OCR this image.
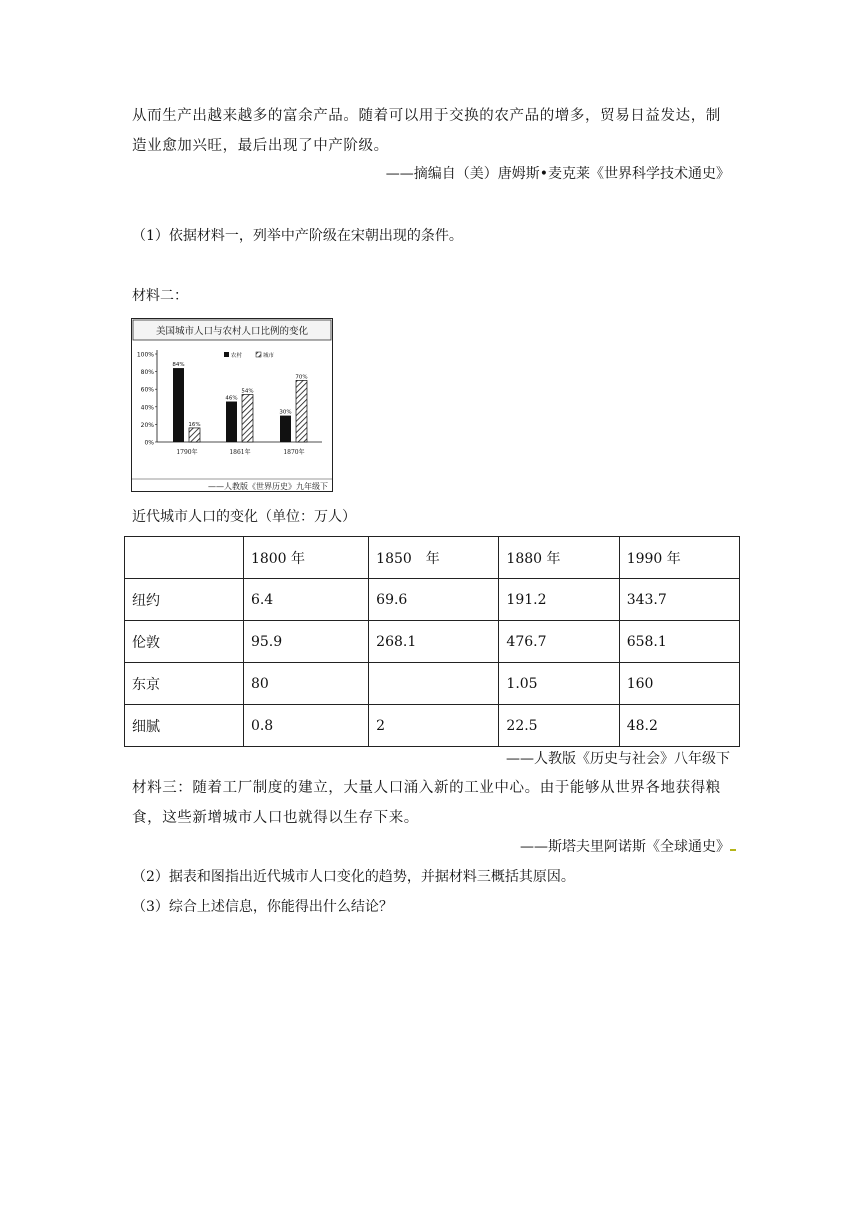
从而生产出越来越多的富余产品。随着可以用于交换的农产品的增多，贸易日益发达，制
造业愈加兴旺，最后出现了中产阶级。
——摘编自（美）唐姆斯•麦克莱《世界科学技术通史》
（1）依据材料一，列举中产阶级在宋朝出现的条件。
材料二：
美国城市人口与农村人口比例的变化
——人教版《世界历史》九年级下
0%
20%
40%
60%
80%
100%	农村	城市
84%
16%
1790年
46%
54%
1861年
30%
70%
1870年
近代城市人口的变化（单位：万人）
	1800 年	1850　年	1880 年	1990 年
纽约	6.4	69.6	191.2	343.7
伦敦	95.9	268.1	476.7	658.1
东京	80		1.05	160
细腻	0.8	2	22.5	48.2
——人教版《历史与社会》八年级下
材料三：随着工厂制度的建立，大量人口涌入新的工业中心。由于能够从世界各地获得粮
食，这些新增城市人口也就得以生存下来。
——斯塔夫里阿诺斯《全球通史》
（2）据表和图指出近代城市人口变化的趋势，并据材料三概括其原因。
（3）综合上述信息，你能得出什么结论？
